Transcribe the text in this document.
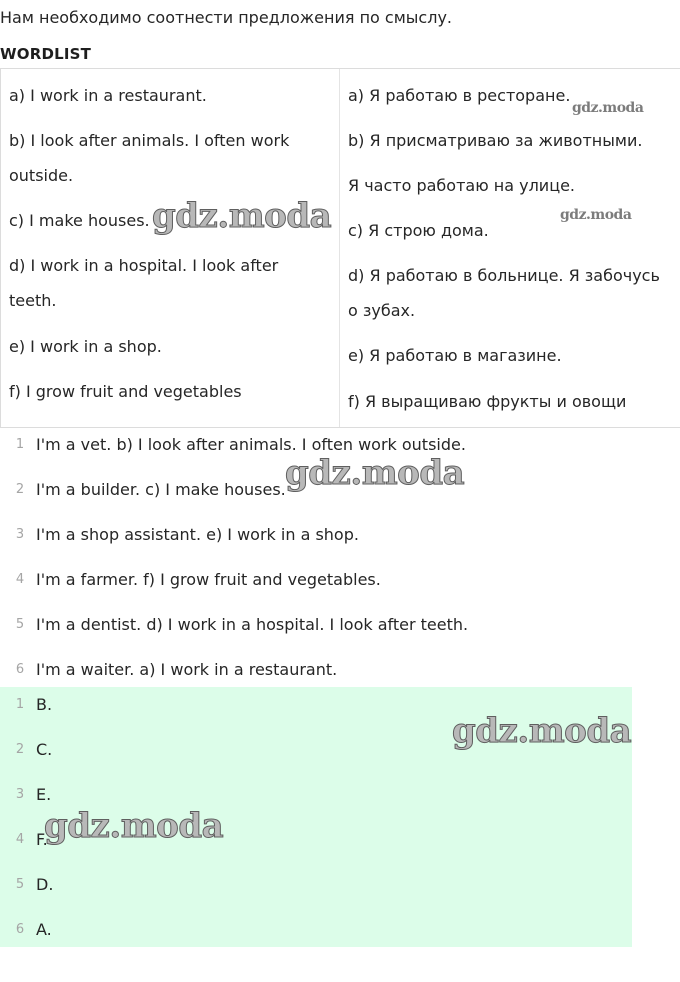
Нам необходимо соотнести предложения по смыслу.
WORDLIST
a) I work in a restaurant.
b) I look after animals. I often work
outside.
c) I make houses.
d) I work in a hospital. I look after
teeth.
e) I work in a shop.
f) I grow fruit and vegetables
а) Я работаю в ресторане.
b) Я присматриваю за животными.
Я часто работаю на улице.
с) Я строю дома.
d) Я работаю в больнице. Я забочусь
о зубах.
е) Я работаю в магазине.
f) Я выращиваю фрукты и овощи
1 I'm a vet. b) I look after animals. I often work outside.
2 I'm a builder. c) I make houses.
3 I'm a shop assistant. e) I work in a shop.
4 I'm a farmer. f) I grow fruit and vegetables.
5 I'm a dentist. d) I work in a hospital. I look after teeth.
6 I'm a waiter. a) I work in a restaurant.
1 B.
2 C.
3 E.
4 F.
5 D.
6 A.
gdz.moda
gdz.moda	gdz.moda
gdz.moda
gdz.moda
gdz.moda
